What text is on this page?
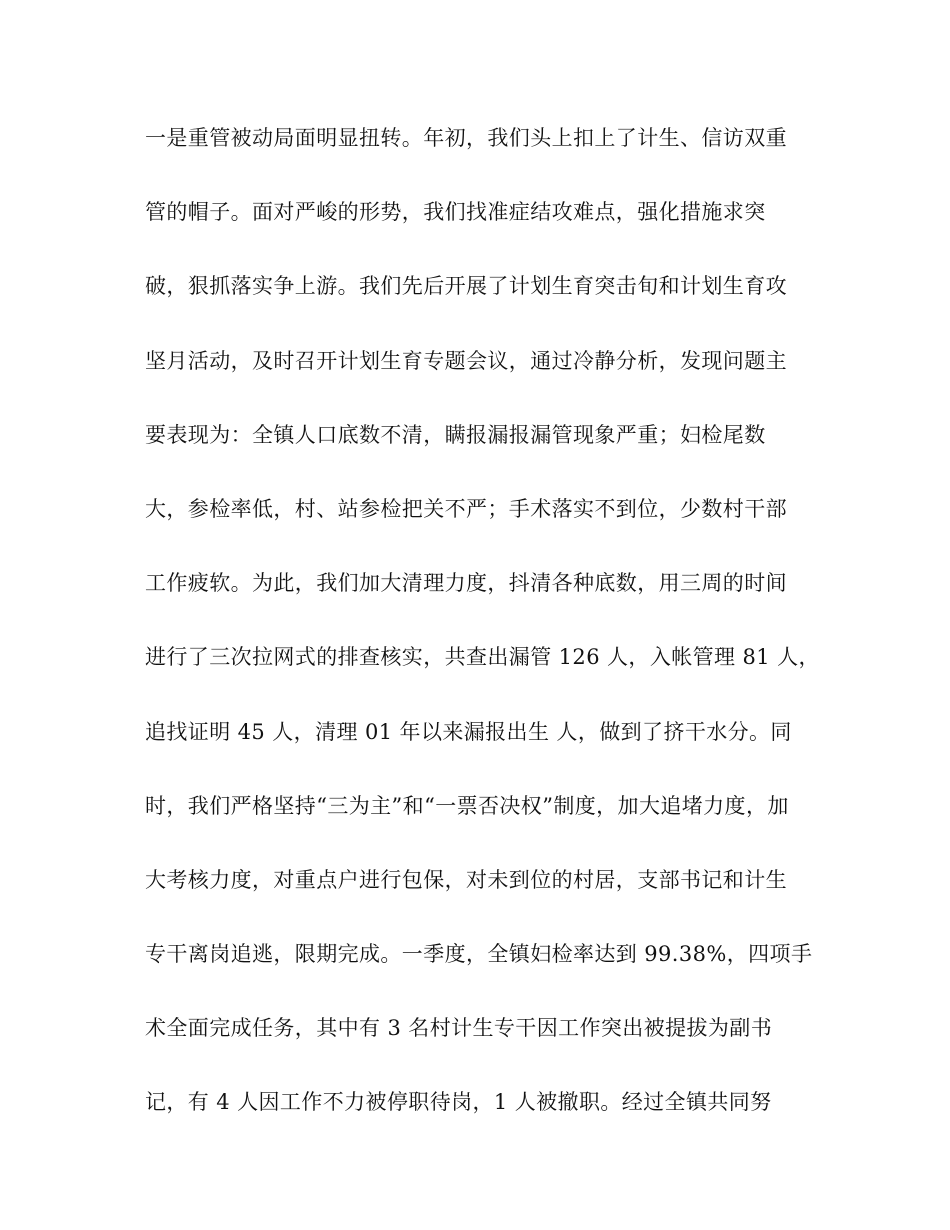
一是重管被动局面明显扭转。年初，我们头上扣上了计生、信访双重
管的帽子。面对严峻的形势，我们找准症结攻难点，强化措施求突
破，狠抓落实争上游。我们先后开展了计划生育突击旬和计划生育攻
坚月活动，及时召开计划生育专题会议，通过冷静分析，发现问题主
要表现为：全镇人口底数不清，瞒报漏报漏管现象严重；妇检尾数
大，参检率低，村、站参检把关不严；手术落实不到位，少数村干部
工作疲软。为此，我们加大清理力度，抖清各种底数，用三周的时间
进行了三次拉网式的排查核实，共查出漏管 126 人，入帐管理 81 人，
追找证明 45 人，清理 01 年以来漏报出生 人，做到了挤干水分。同
时，我们严格坚持“三为主”和“一票否决权”制度，加大追堵力度，加
大考核力度，对重点户进行包保，对未到位的村居，支部书记和计生
专干离岗追逃，限期完成。一季度，全镇妇检率达到 99.38%，四项手
术全面完成任务，其中有 3 名村计生专干因工作突出被提拔为副书
记，有 4 人因工作不力被停职待岗，1 人被撤职。经过全镇共同努
